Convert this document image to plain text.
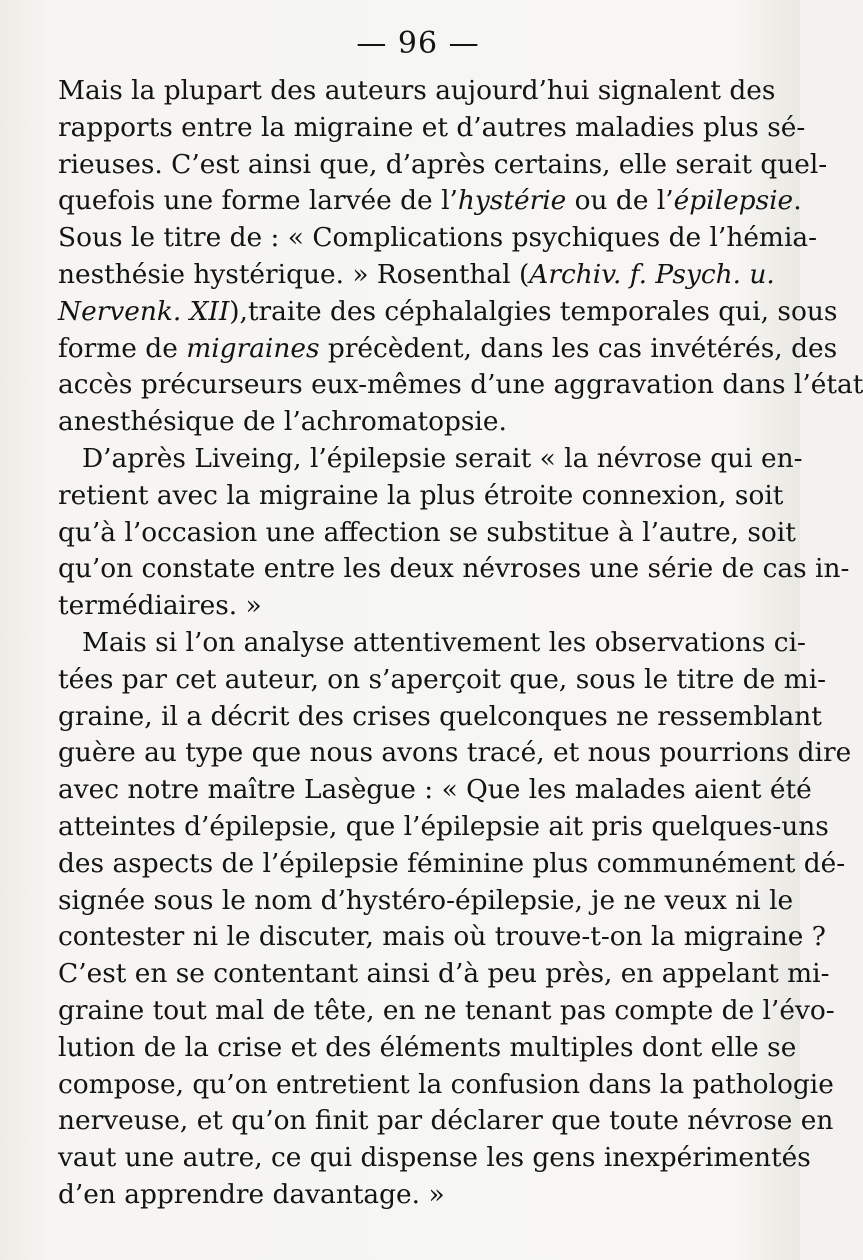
— 96 —
Mais la plupart des auteurs aujourd’hui signalent des
rapports entre la migraine et d’autres maladies plus sé-
rieuses. C’est ainsi que, d’après certains, elle serait quel-
quefois une forme larvée de l’hystérie ou de l’épilepsie.
Sous le titre de : « Complications psychiques de l’hémia-
nesthésie hystérique. » Rosenthal (Archiv. f. Psych. u.
Nervenk. XII),traite des céphalalgies temporales qui, sous
forme de migraines précèdent, dans les cas invétérés, des
accès précurseurs eux-mêmes d’une aggravation dans l’état
anesthésique de l’achromatopsie.
D’après Liveing, l’épilepsie serait « la névrose qui en-
retient avec la migraine la plus étroite connexion, soit
qu’à l’occasion une affection se substitue à l’autre, soit
qu’on constate entre les deux névroses une série de cas in-
termédiaires. »
Mais si l’on analyse attentivement les observations ci-
tées par cet auteur, on s’aperçoit que, sous le titre de mi-
graine, il a décrit des crises quelconques ne ressemblant
guère au type que nous avons tracé, et nous pourrions dire
avec notre maître Lasègue : « Que les malades aient été
atteintes d’épilepsie, que l’épilepsie ait pris quelques-uns
des aspects de l’épilepsie féminine plus communément dé-
signée sous le nom d’hystéro-épilepsie, je ne veux ni le
contester ni le discuter, mais où trouve-t-on la migraine ?
C’est en se contentant ainsi d’à peu près, en appelant mi-
graine tout mal de tête, en ne tenant pas compte de l’évo-
lution de la crise et des éléments multiples dont elle se
compose, qu’on entretient la confusion dans la pathologie
nerveuse, et qu’on finit par déclarer que toute névrose en
vaut une autre, ce qui dispense les gens inexpérimentés
d’en apprendre davantage. »
